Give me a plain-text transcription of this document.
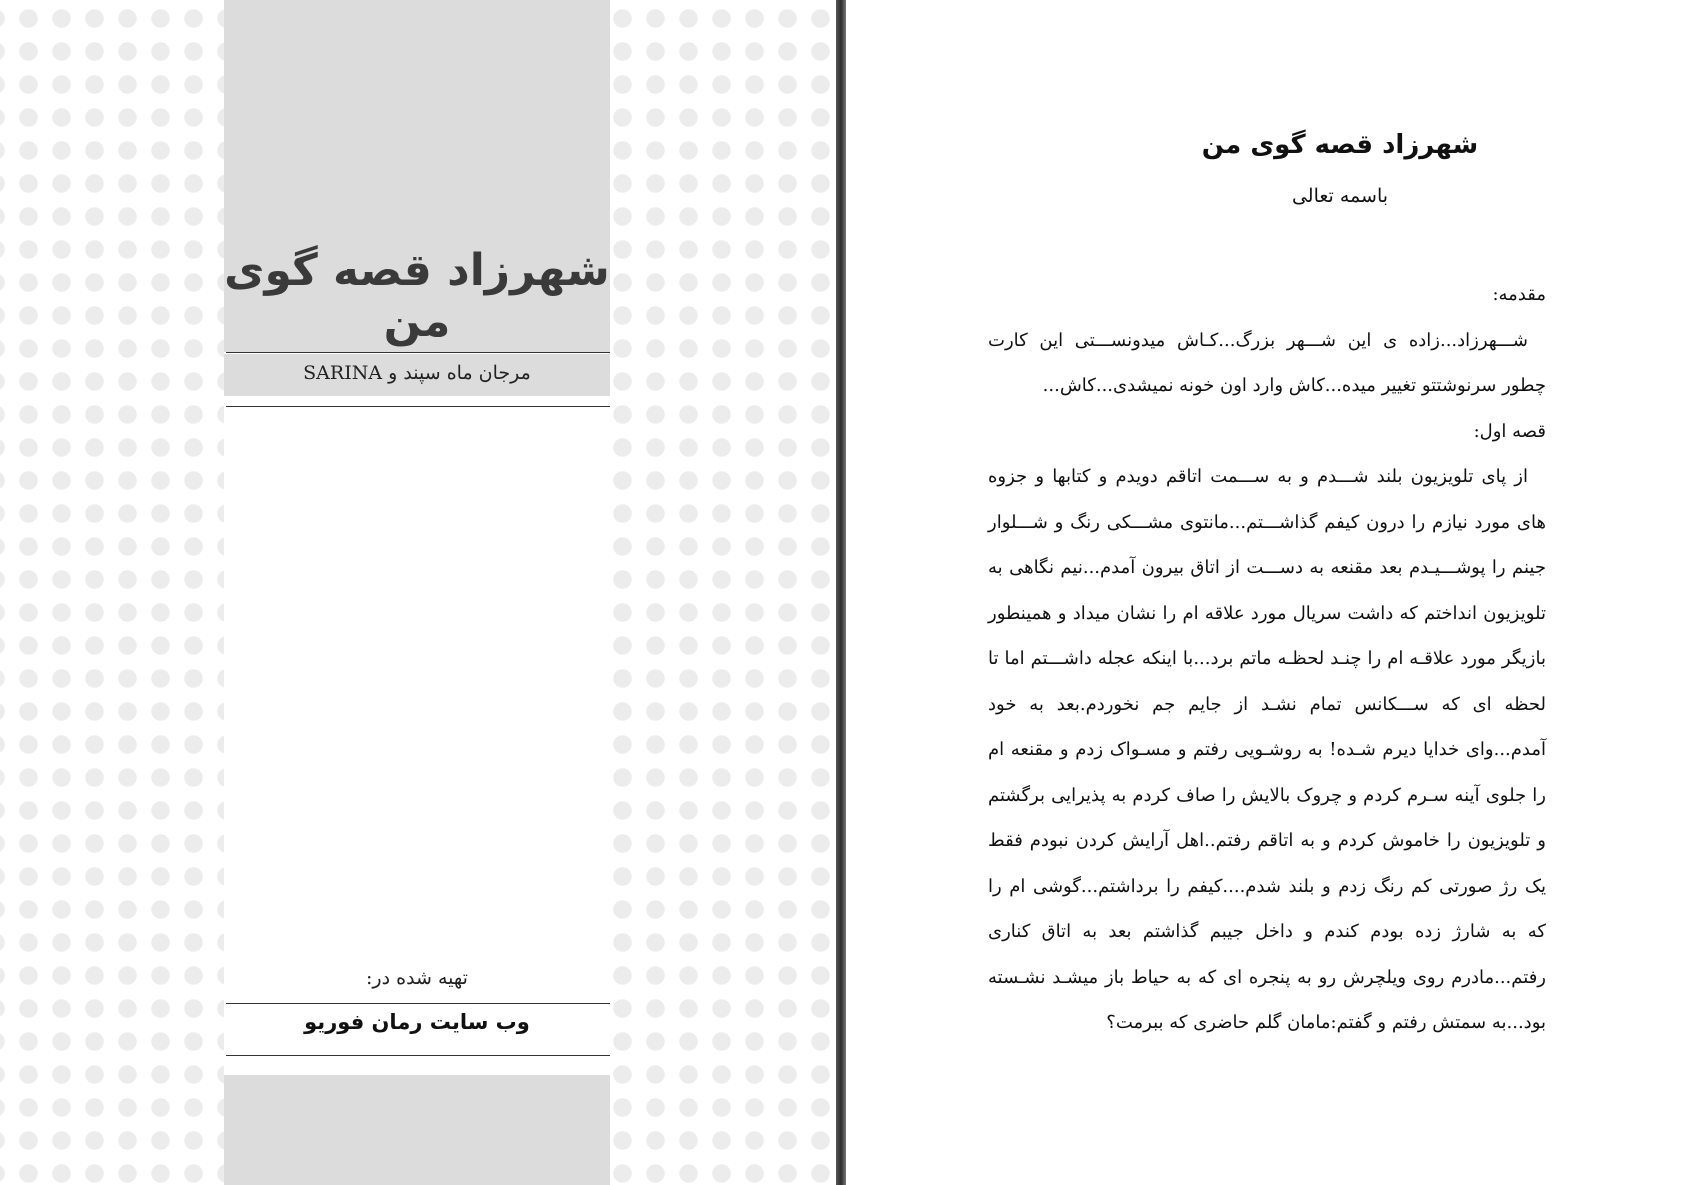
شهرزاد قصه گوی من
مرجان ماه سپند و SARINA
تهیه شده در:
وب سایت رمان فوریو
شهرزاد قصه گوی من
باسمه تعالی

مقدمه:

شـــهرزاد...زاده ی این شـــهر بزرگ...کـاش میدونســـتی این کارت چطور سرنوشتتو تغییر میده...کاش وارد اون خونه نمیشدی...کاش...

قصه اول:

از پای تلویزیون بلند شـــدم و به ســـمت اتاقم دویدم و کتابها و جزوه های مورد نیازم را درون کیفم گذاشـــتم...مانتوی مشـــکی رنگ و شـــلوار جینم را پوشـــیـدم بعد مقنعه به دســـت از اتاق بیرون آمدم...نیم نگاهی به تلویزیون انداختم که داشت سریال مورد علاقه ام را نشان میداد و همینطور بازیگر مورد علاقـه ام را چنـد لحظـه ماتم برد...با اینکه عجله داشـــتم اما تا لحظه ای که ســـکانس تمام نشـد از جایم جم نخوردم.بعد به خود آمدم...وای خدایا دیرم شـده! به روشـویی رفتم و مسـواک زدم و مقنعه ام را جلوی آینه سـرم کردم و چروک بالایش را صاف کردم به پذیرایی برگشتم و تلویزیون را خاموش کردم و به اتاقم رفتم..اهل آرایش کردن نبودم فقط یک رژ صورتی کم رنگ زدم و بلند شدم....کیفم را برداشتم...گوشی ام را که به شارژ زده بودم کندم و داخل جیبم گذاشتم بعد به اتاق کناری رفتم...مادرم روی ویلچرش رو به پنجره ای که به حیاط باز میشـد نشـسته بود...به سمتش رفتم و گفتم:مامان گلم حاضری که ببرمت؟
